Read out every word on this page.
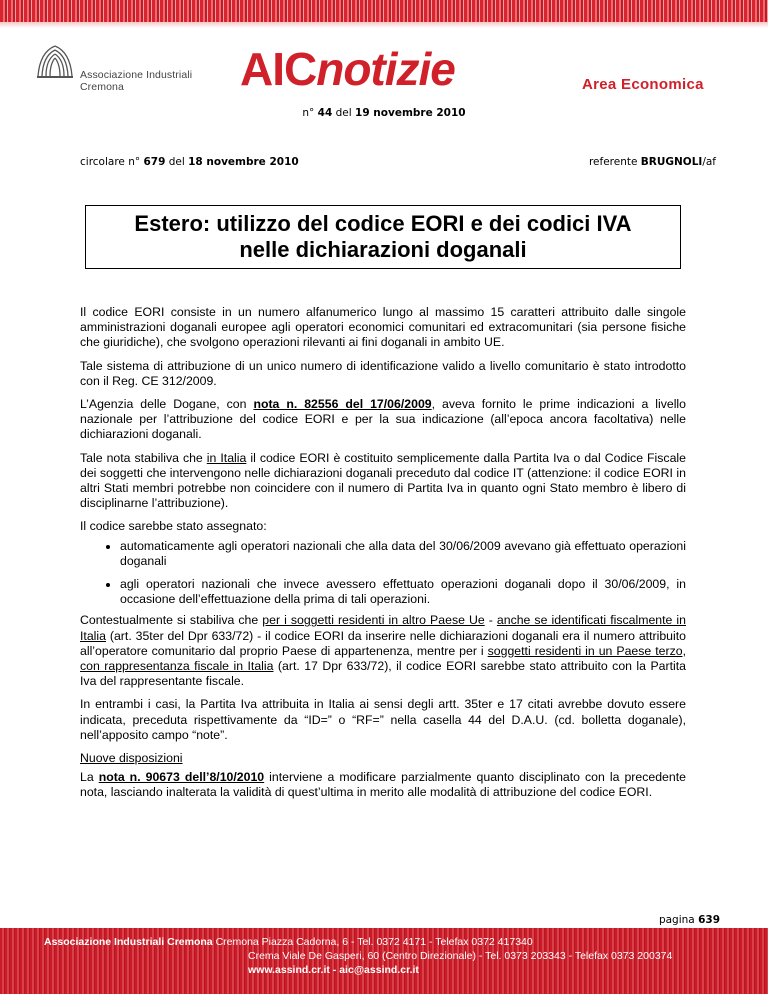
Associazione Industriali
Cremona	AICnotizie	Area Economica
n° 44 del 19 novembre 2010
circolare n° 679 del 18 novembre 2010	referente BRUGNOLI/af
Estero: utilizzo del codice EORI e dei codici IVA
nelle dichiarazioni doganali

Il codice EORI consiste in un numero alfanumerico lungo al massimo 15 caratteri attribuito dalle singole amministrazioni doganali europee agli operatori economici comunitari ed extracomunitari (sia persone fisiche che giuridiche), che svolgono operazioni rilevanti ai fini doganali in ambito UE.

Tale sistema di attribuzione di un unico numero di identificazione valido a livello comunitario è stato introdotto con il Reg. CE 312/2009.

L’Agenzia delle Dogane, con nota n. 82556 del 17/06/2009, aveva fornito le prime indicazioni a livello nazionale per l’attribuzione del codice EORI e per la sua indicazione (all’epoca ancora facoltativa) nelle dichiarazioni doganali.

Tale nota stabiliva che in Italia il codice EORI è costituito semplicemente dalla Partita Iva o dal Codice Fiscale dei soggetti che intervengono nelle dichiarazioni doganali preceduto dal codice IT (attenzione: il codice EORI in altri Stati membri potrebbe non coincidere con il numero di Partita Iva in quanto ogni Stato membro è libero di disciplinarne l’attribuzione).

Il codice sarebbe stato assegnato:

• automaticamente agli operatori nazionali che alla data del 30/06/2009 avevano già effettuato operazioni doganali
• agli operatori nazionali che invece avessero effettuato operazioni doganali dopo il 30/06/2009, in occasione dell’effettuazione della prima di tali operazioni.

Contestualmente si stabiliva che per i soggetti residenti in altro Paese Ue - anche se identificati fiscalmente in Italia (art. 35ter del Dpr 633/72) - il codice EORI da inserire nelle dichiarazioni doganali era il numero attribuito all’operatore comunitario dal proprio Paese di appartenenza, mentre per i soggetti residenti in un Paese terzo, con rappresentanza fiscale in Italia (art. 17 Dpr 633/72), il codice EORI sarebbe stato attribuito con la Partita Iva del rappresentante fiscale.

In entrambi i casi, la Partita Iva attribuita in Italia ai sensi degli artt. 35ter e 17 citati avrebbe dovuto essere indicata, preceduta rispettivamente da “ID=” o “RF=” nella casella 44 del D.A.U. (cd. bolletta doganale), nell’apposito campo “note”.

Nuove disposizioni

La nota n. 90673 dell’8/10/2010 interviene a modificare parzialmente quanto disciplinato con la precedente nota, lasciando inalterata la validità di quest’ultima in merito alle modalità di attribuzione del codice EORI.

pagina 639
Associazione Industriali Cremona Cremona Piazza Cadorna, 6 - Tel. 0372 4171 - Telefax 0372 417340
Crema Viale De Gasperi, 60 (Centro Direzionale) - Tel. 0373 203343 - Telefax 0373 200374
www.assind.cr.it - aic@assind.cr.it
